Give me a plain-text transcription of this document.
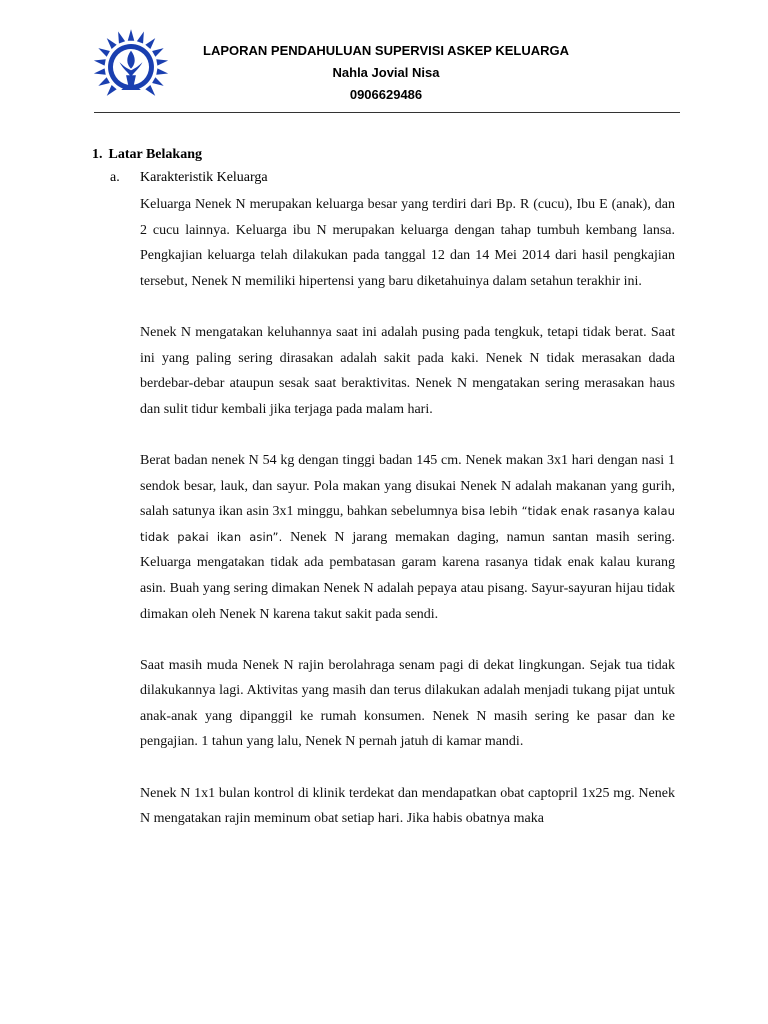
LAPORAN PENDAHULUAN SUPERVISI ASKEP KELUARGA
Nahla Jovial Nisa
0906629486
1. Latar Belakang
a. Karakteristik Keluarga

Keluarga Nenek N merupakan keluarga besar yang terdiri dari Bp. R (cucu), Ibu E (anak), dan 2 cucu lainnya. Keluarga ibu N merupakan keluarga dengan tahap tumbuh kembang lansa. Pengkajian keluarga telah dilakukan pada tanggal 12 dan 14 Mei 2014 dari hasil pengkajian tersebut, Nenek N memiliki hipertensi yang baru diketahuinya dalam setahun terakhir ini.

Nenek N mengatakan keluhannya saat ini adalah pusing pada tengkuk, tetapi tidak berat. Saat ini yang paling sering dirasakan adalah sakit pada kaki. Nenek N tidak merasakan dada berdebar-debar ataupun sesak saat beraktivitas. Nenek N mengatakan sering merasakan haus dan sulit tidur kembali jika terjaga pada malam hari.

Berat badan nenek N 54 kg dengan tinggi badan 145 cm. Nenek makan 3x1 hari dengan nasi 1 sendok besar, lauk, dan sayur. Pola makan yang disukai Nenek N adalah makanan yang gurih, salah satunya ikan asin 3x1 minggu, bahkan sebelumnya bisa lebih “tidak enak rasanya kalau tidak pakai ikan asin”. Nenek N jarang memakan daging, namun santan masih sering. Keluarga mengatakan tidak ada pembatasan garam karena rasanya tidak enak kalau kurang asin. Buah yang sering dimakan Nenek N adalah pepaya atau pisang. Sayur-sayuran hijau tidak dimakan oleh Nenek N karena takut sakit pada sendi.

Saat masih muda Nenek N rajin berolahraga senam pagi di dekat lingkungan. Sejak tua tidak dilakukannya lagi. Aktivitas yang masih dan terus dilakukan adalah menjadi tukang pijat untuk anak-anak yang dipanggil ke rumah konsumen. Nenek N masih sering ke pasar dan ke pengajian. 1 tahun yang lalu, Nenek N pernah jatuh di kamar mandi.

Nenek N 1x1 bulan kontrol di klinik terdekat dan mendapatkan obat captopril 1x25 mg. Nenek N mengatakan rajin meminum obat setiap hari. Jika habis obatnya maka
